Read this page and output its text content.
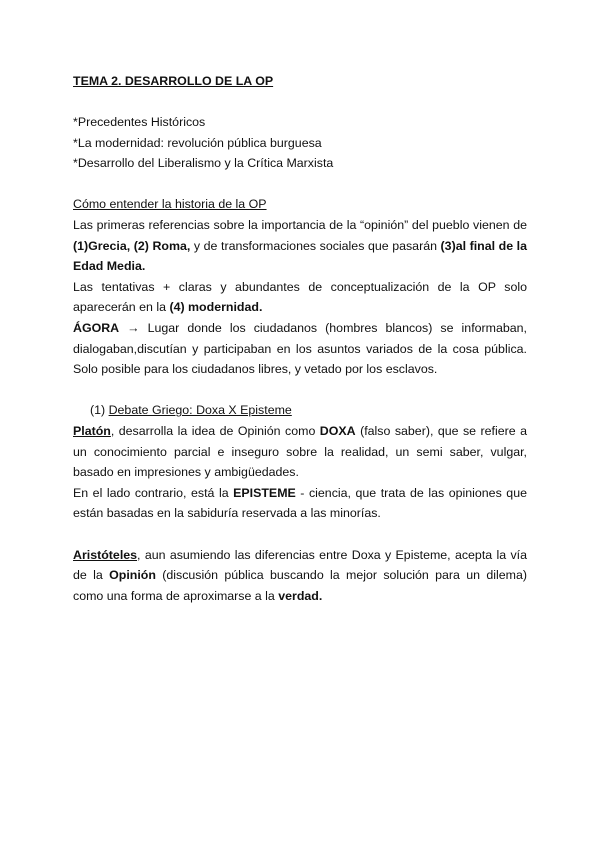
TEMA 2. DESARROLLO DE LA OP

*Precedentes Históricos

*La modernidad: revolución pública burguesa

*Desarrollo del Liberalismo y la Crítica Marxista

Cómo entender la historia de la OP

Las primeras referencias sobre la importancia de la “opinión” del pueblo vienen de (1)Grecia, (2) Roma, y de transformaciones sociales que pasarán (3)al final de la Edad Media.

Las tentativas + claras y abundantes de conceptualización de la OP solo aparecerán en la (4) modernidad.

ÁGORA → Lugar donde los ciudadanos (hombres blancos) se informaban, dialogaban,discutían y participaban en los asuntos variados de la cosa pública. Solo posible para los ciudadanos libres, y vetado por los esclavos.

(1) Debate Griego: Doxa X Episteme

Platón, desarrolla la idea de Opinión como DOXA (falso saber), que se refiere a un conocimiento parcial e inseguro sobre la realidad, un semi saber, vulgar, basado en impresiones y ambigüedades.

En el lado contrario, está la EPISTEME - ciencia, que trata de las opiniones que están basadas en la sabiduría reservada a las minorías.

Aristóteles, aun asumiendo las diferencias entre Doxa y Episteme, acepta la vía de la Opinión (discusión pública buscando la mejor solución para un dilema) como una forma de aproximarse a la verdad.
